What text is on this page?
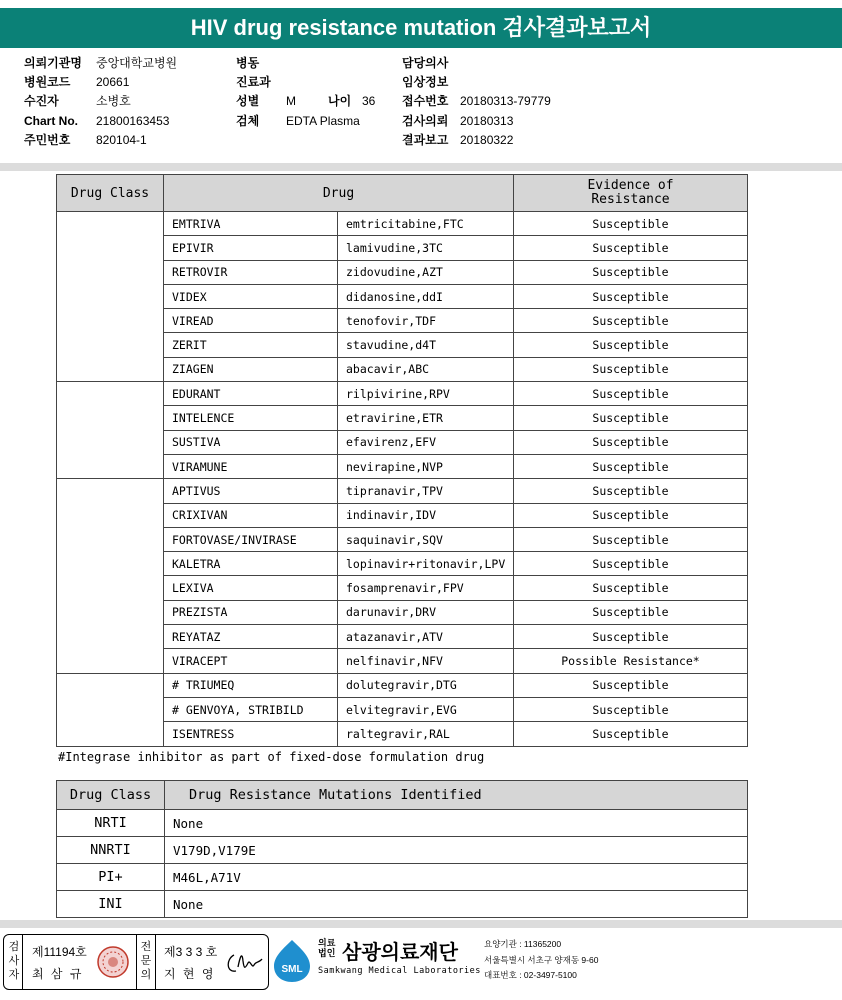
HIV drug resistance mutation 검사결과보고서
의뢰기관명 중앙대학교병원
병원코드 20661
수진자	소병호
Chart No. 21800163453
주민번호 820104-1
병동
진료과
성별 M
검체 EDTA Plasma
나이 36
담당의사
임상정보
접수번호 20180313-79779
검사의뢰 20180313
결과보고 20180322
Drug Class	Drug		Evidence of
Resistance
	EMTRIVA	emtricitabine,FTC	Susceptible
	EPIVIR	lamivudine,3TC	Susceptible
	RETROVIR	zidovudine,AZT	Susceptible
	VIDEX	didanosine,ddI	Susceptible
	VIREAD	tenofovir,TDF	Susceptible
	ZERIT	stavudine,d4T	Susceptible
	ZIAGEN	abacavir,ABC	Susceptible
	EDURANT	rilpivirine,RPV	Susceptible
	INTELENCE	etravirine,ETR	Susceptible
	SUSTIVA	efavirenz,EFV	Susceptible
	VIRAMUNE	nevirapine,NVP	Susceptible
	APTIVUS	tipranavir,TPV	Susceptible
	CRIXIVAN	indinavir,IDV	Susceptible
	FORTOVASE/INVIRASE	saquinavir,SQV	Susceptible
	KALETRA	lopinavir+ritonavir,LPV	Susceptible
	LEXIVA	fosamprenavir,FPV	Susceptible
	PREZISTA	darunavir,DRV	Susceptible
	REYATAZ	atazanavir,ATV	Susceptible
	VIRACEPT	nelfinavir,NFV	Possible Resistance*
	# TRIUMEQ	dolutegravir,DTG	Susceptible
	# GENVOYA, STRIBILD	elvitegravir,EVG	Susceptible
	ISENTRESS	raltegravir,RAL	Susceptible
#Integrase inhibitor as part of fixed-dose formulation drug
Drug Class	Drug Resistance Mutations Identified
NRTI	None
NNRTI	V179D,V179E
PI+	M46L,A71V
INI	None
검
사
자
제11194호
최 삼 규
전
문
의
제3 3 3 호
지 현 영	SML
의료
법인 삼광의료재단
Samkwang Medical Laboratories
요양기관 : 11365200
서울특별시 서초구 양재동 9-60
대표번호 : 02-3497-5100
